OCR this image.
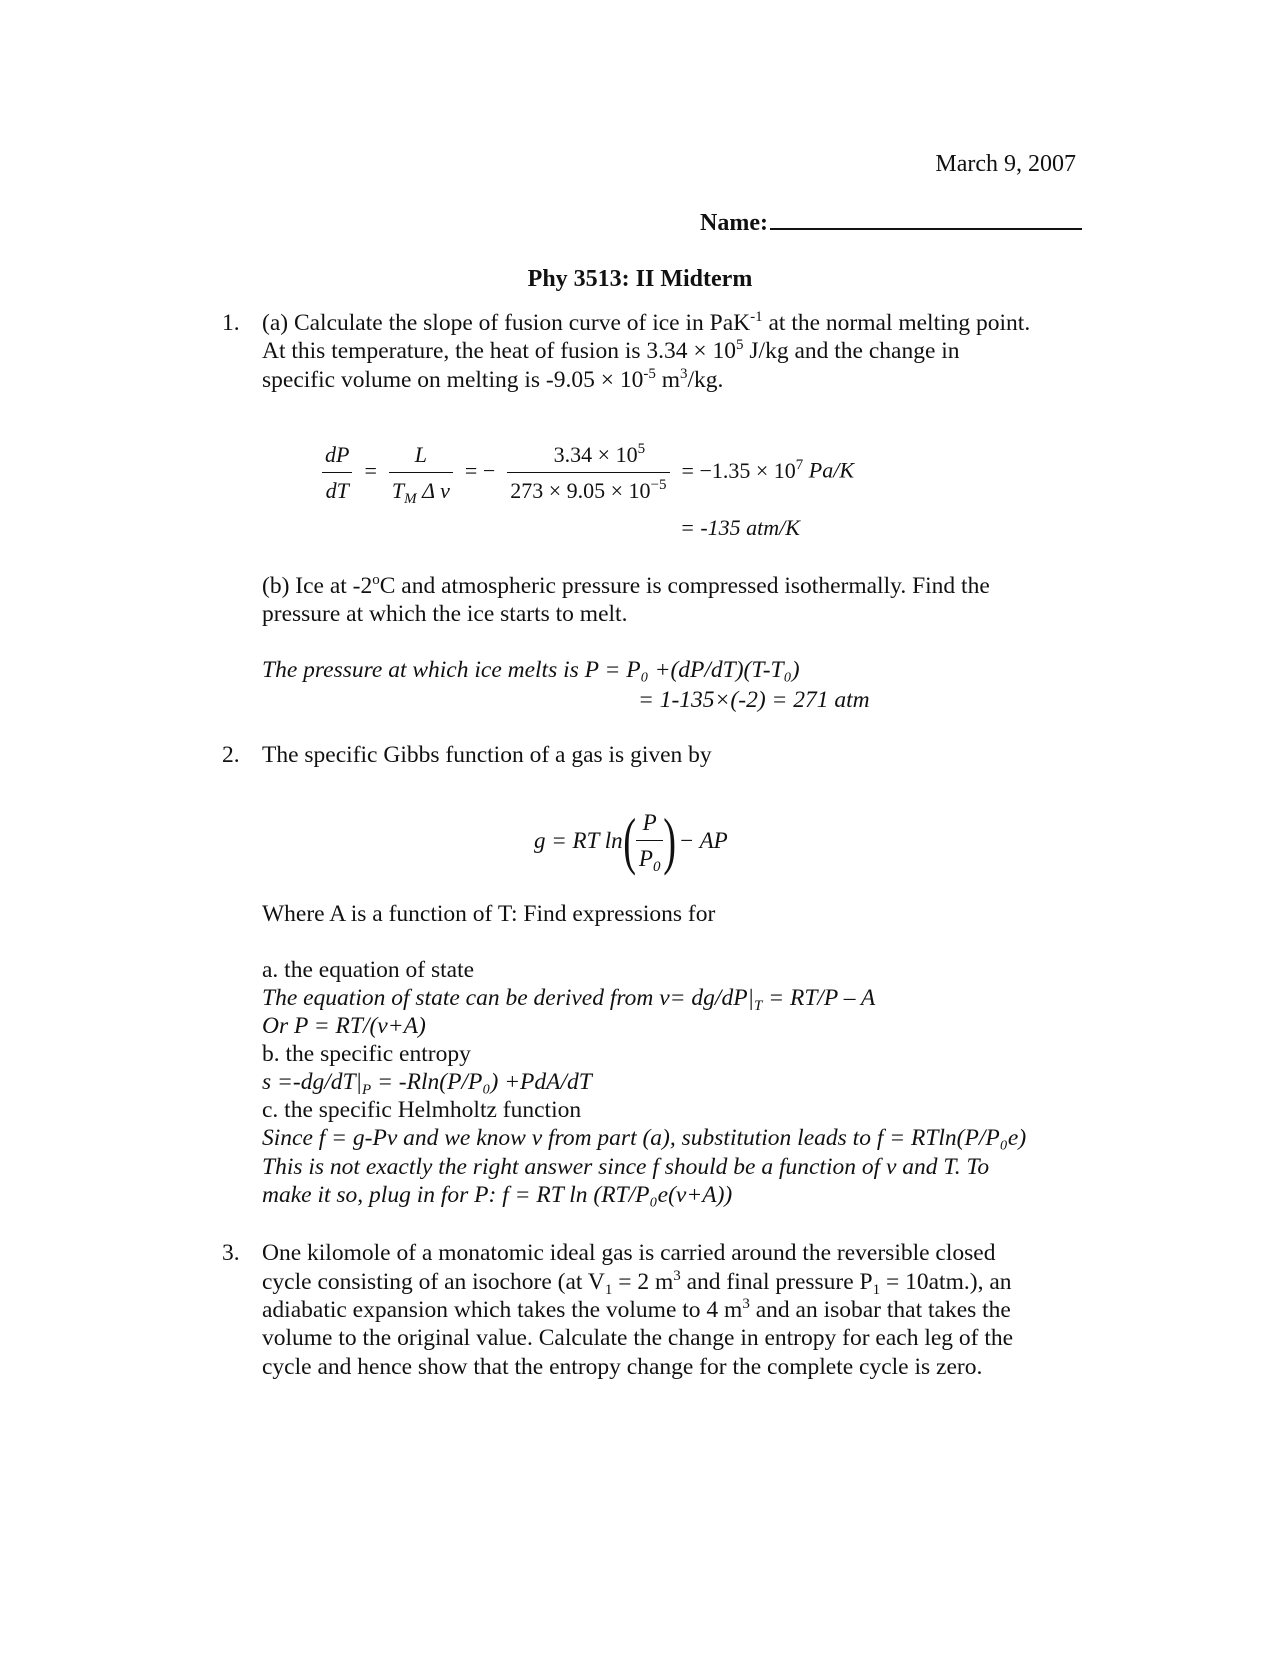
March 9, 2007
Name:
Phy 3513: II Midterm
1. (a) Calculate the slope of fusion curve of ice in PaK$^{-1}$ at the normal melting point.
At this temperature, the heat of fusion is $3.34 \times 10^5$ J/kg and the change in
specific volume on melting is $-9.05 \times 10^{-5}$ $m^3/kg$.
$\frac{dP}{dT} = \frac{L}{T_M \Delta v}$ = − $\frac{3.34 \times 10^5}{273 \times 9.05 \times 10^{-5}} = -1.35 \times 10^7$ Pa/K
= -135 atm/K
(b) Ice at -2$^o$C and atmospheric pressure is compressed isothermally. Find the
pressure at which the ice starts to melt.
The pressure at which ice melts is P = P₀ +(dP/dT)(T-T₀)
= 1-135×(-2) = 271 atm
2. The specific Gibbs function of a gas is given by
g = RT $\ln( \frac{P}{P_0}$ )− AP
Where A is a function of T: Find expressions for
a. the equation of state
The equation of state can be derived from $v= dg/dP|_T = RT/P - A$
Or P = RT/(v+A)
b. the specific entropy
$s =-dg/dT|_P = -Rln(P/P_0) +PdA/dT$
c. the specific Helmholtz function
Since f = g-Pv and we know v from part (a), substitution leads to f = RTln(P/P₀e)
This is not exactly the right answer since f should be a function of v and T. To
make it so, plug in for P: f = RT ln (RT/P₀e(v+A))
3. One kilomole of a monatomic ideal gas is carried around the reversible closed
cycle consisting of an isochore (at $V_1 = 2$ $m^3$ and final pressure $P_1 = 10atm$.), an
adiabatic expansion which takes the volume to 4 $m^3$ and an isobar that takes the
volume to the original value. Calculate the change in entropy for each leg of the
cycle and hence show that the entropy change for the complete cycle is zero.
